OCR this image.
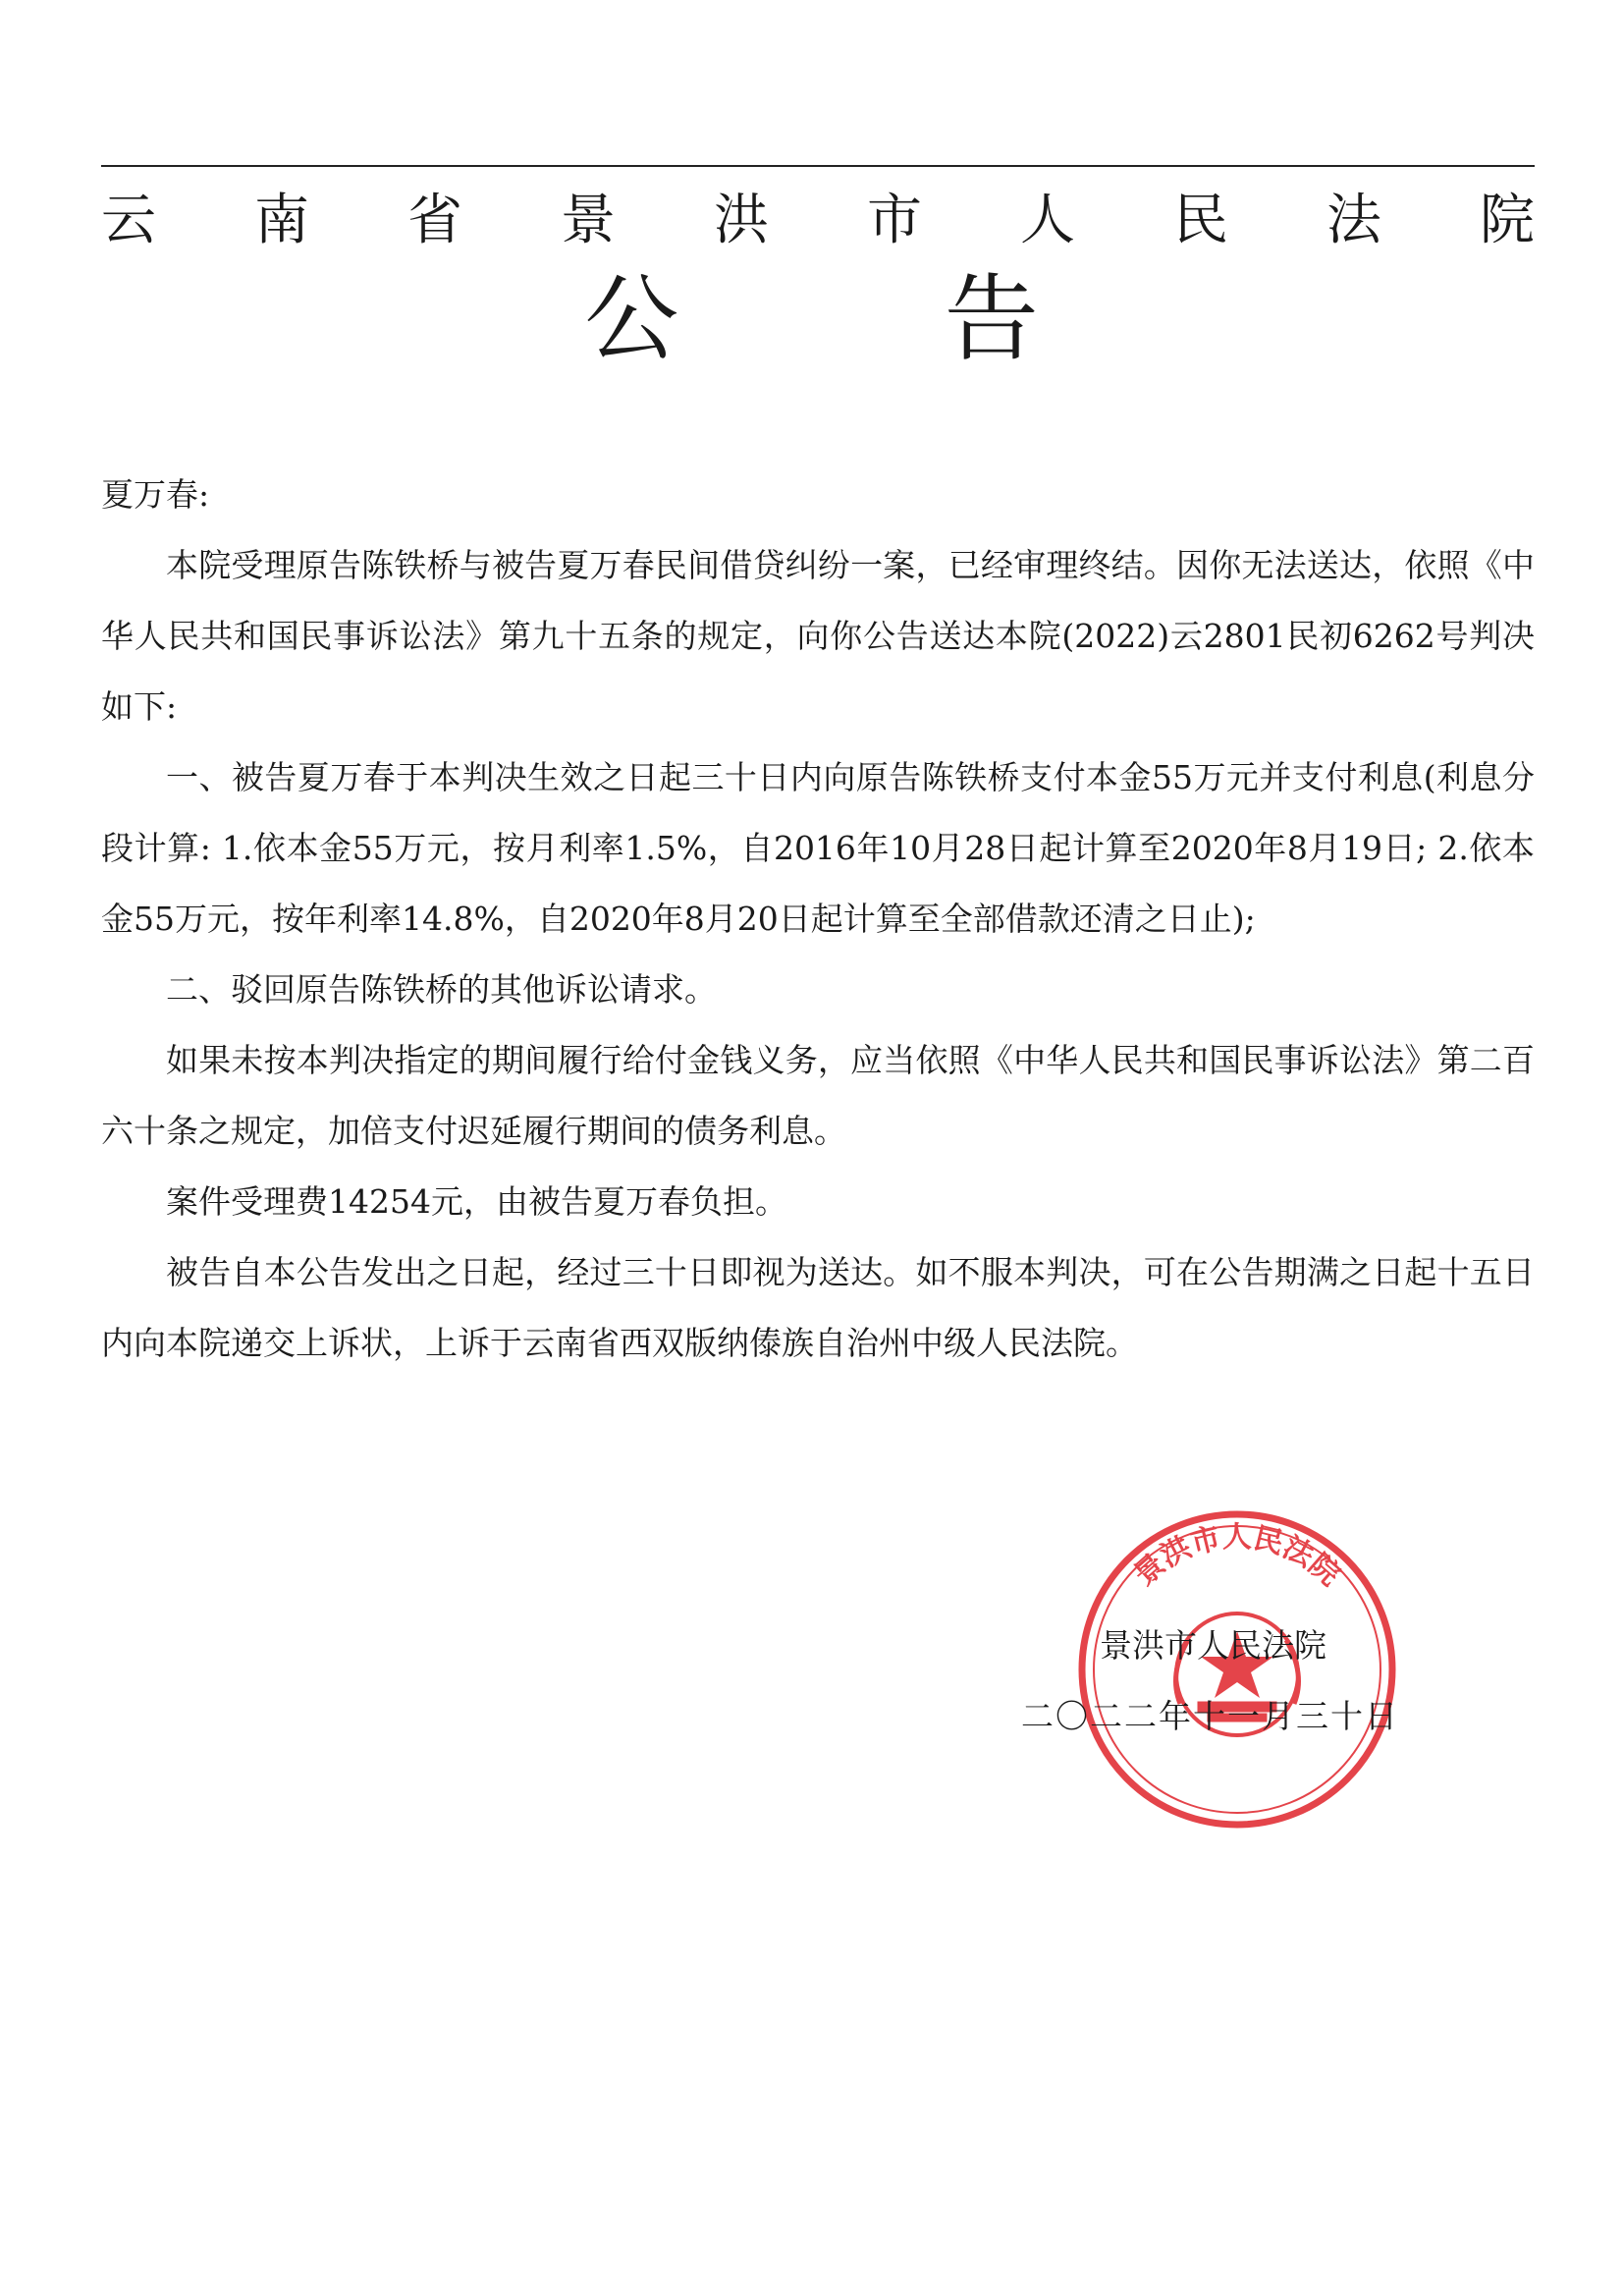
云 南 省 景 洪 市 人 民 法 院
公 告

夏万春:

本院受理原告陈铁桥与被告夏万春民间借贷纠纷一案，已经审理终结。因你无法送达，依照《中华人民共和国民事诉讼法》第九十五条的规定，向你公告送达本院(2022)云2801民初6262号判决如下:

一、被告夏万春于本判决生效之日起三十日内向原告陈铁桥支付本金55万元并支付利息(利息分段计算: 1.依本金55万元，按月利率1.5%，自2016年10月28日起计算至2020年8月19日; 2.依本金55万元，按年利率14.8%，自2020年8月20日起计算至全部借款还清之日止);

二、驳回原告陈铁桥的其他诉讼请求。

如果未按本判决指定的期间履行给付金钱义务，应当依照《中华人民共和国民事诉讼法》第二百六十条之规定，加倍支付迟延履行期间的债务利息。

案件受理费14254元，由被告夏万春负担。

被告自本公告发出之日起，经过三十日即视为送达。如不服本判决，可在公告期满之日起十五日内向本院递交上诉状，上诉于云南省西双版纳傣族自治州中级人民法院。

景洪市人民法院
景洪市人民法院
二〇二二年十一月三十日
